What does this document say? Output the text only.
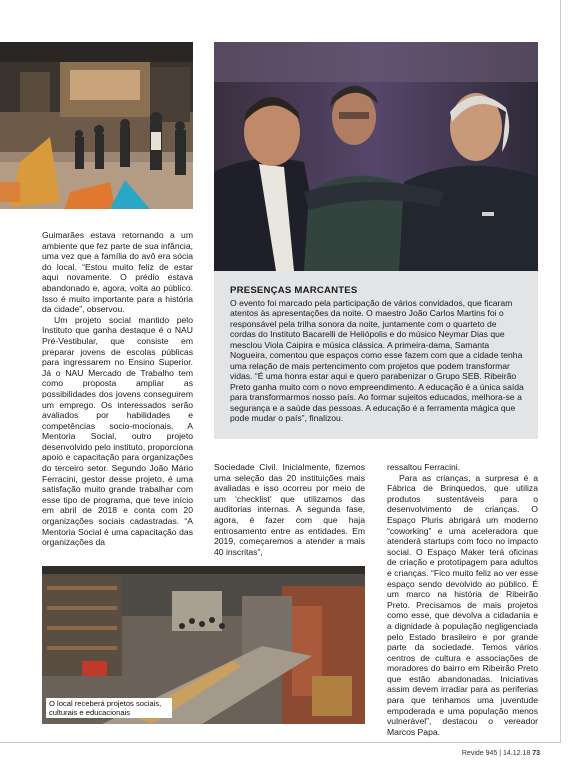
PRESENÇAS MARCANTES

O evento foi marcado pela participação de vários convidados, que ficaram atentos às apresentações da noite. O maestro João Carlos Martins foi o responsável pela trilha sonora da noite, juntamente com o quarteto de cordas do Instituto Bacarelli de Heliópolis e do músico Neymar Dias que mesclou Viola Caipira e música clássica. A primeira-dama, Samanta Nogueira, comentou que espaços como esse fazem com que a cidade tenha uma relação de mais pertencimento com projetos que podem transformar vidas. “É uma honra estar aqui e quero parabenizar o Grupo SEB. Ribeirão Preto ganha muito com o novo empreendimento. A educação é a única saída para transformarmos nosso país. Ao formar sujeitos educados, melhora-se a segurança e a saúde das pessoas. A educação é a ferramenta mágica que pode mudar o país”, finalizou.

Guimarães estava retornando a um ambiente que fez parte de sua infância, uma vez que a família do avô era sócia do local. “Estou muito feliz de estar aqui novamente. O prédio estava abandonado e, agora, volta ao público. Isso é muito importante para a história da cidade”, observou.

Um projeto social mantido pelo Instituto que ganha destaque é o NAU Pré-Vestibular, que consiste em preparar jovens de escolas públicas para ingressarem no Ensino Superior. Já o NAU Mercado de Trabalho tem como proposta ampliar as possibilidades dos jovens conseguirem um emprego. Os interessados serão avaliados por habilidades e competências socio-mocionais. A Mentoria Social, outro projeto desenvolvido pelo instituto, proporciona apoio e capacitação para organizações do terceiro setor. Segundo João Mário Ferracini, gestor desse projeto, é uma satisfação muito grande trabalhar com esse tipo de programa, que teve início em abril de 2018 e conta com 20 organizações sociais cadastradas. “A Mentoria Social é uma capacitação das organizações da

Sociedade Civil. Inicialmente, fizemos uma seleção das 20 instituições mais avaliadas e isso ocorreu por meio de um ‘checklist’ que utilizamos das auditorias internas. A segunda fase, agora, é fazer com que haja entrosamento entre as entidades. Em 2019, começaremos a atender a mais 40 inscritas”,

ressaltou Ferracini.

Para as crianças, a surpresa é a Fábrica de Brinquedos, que utiliza produtos sustentáveis para o desenvolvimento de crianças. O Espaço Pluris abrigará um moderno “coworking” e uma aceleradora que atenderá startups com foco no impacto social. O Espaço Maker terá oficinas de criação e prototipagem para adultos e crianças. “Fico muito feliz ao ver esse espaço sendo devolvido ao público. É um marco na história de Ribeirão Preto. Precisamos de mais projetos como esse, que devolva a cidadania e a dignidade à população negligenciada pelo Estado brasileiro e por grande parte da sociedade. Temos vários centros de cultura e associações de moradores do bairro em Ribeirão Preto que estão abandonadas. Iniciativas assim devem irradiar para as periferias para que tenhamos uma juventude empoderada e uma população menos vulnerável”, destacou o vereador Marcos Papa.

O local receberá projetos sociais, culturais e educacionais
Revide 945 | 14.12.18 73
